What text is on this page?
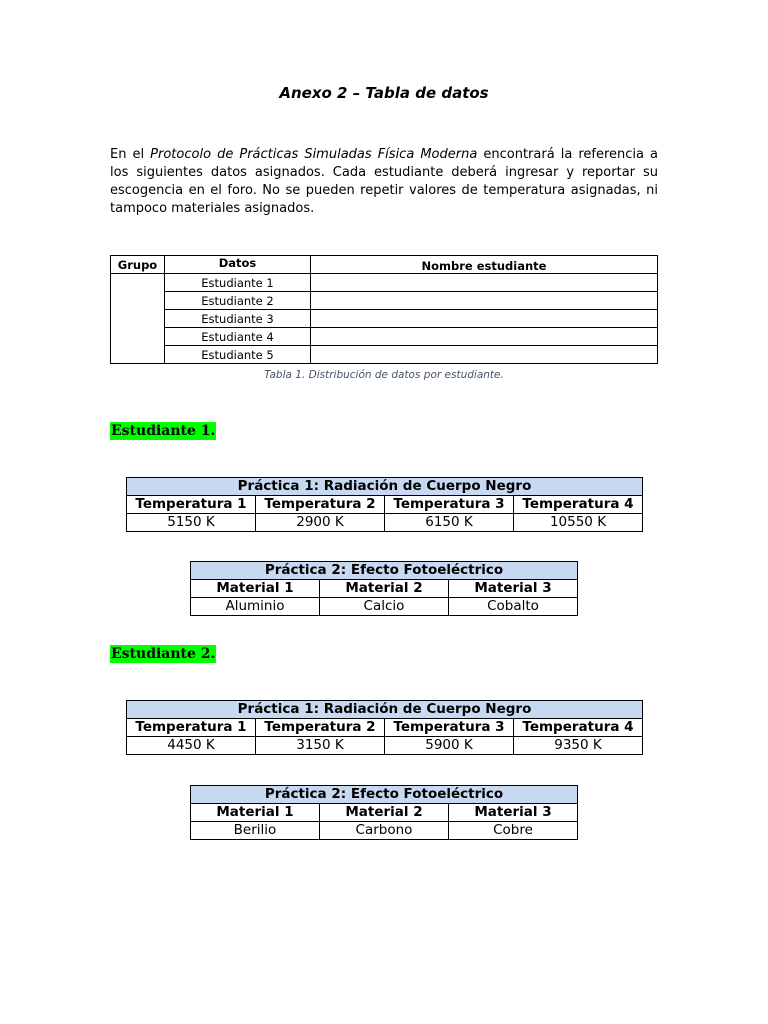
Anexo 2 – Tabla de datos

En el Protocolo de Prácticas Simuladas Física Moderna encontrará la referencia a los siguientes datos asignados. Cada estudiante deberá ingresar y reportar su escogencia en el foro. No se pueden repetir valores de temperatura asignadas, ni tampoco materiales asignados.

Grupo	Datos	Nombre estudiante
	Estudiante 1	
	Estudiante 2	
	Estudiante 3	
	Estudiante 4	
	Estudiante 5	
Tabla 1. Distribución de datos por estudiante.
Estudiante 1.
Práctica 1: Radiación de Cuerpo Negro			
Temperatura 1	Temperatura 2	Temperatura 3	Temperatura 4
5150 K	2900 K	6150 K	10550 K
Práctica 2: Efecto Fotoeléctrico		
Material 1	Material 2	Material 3
Aluminio	Calcio	Cobalto
Estudiante 2.
Práctica 1: Radiación de Cuerpo Negro			
Temperatura 1	Temperatura 2	Temperatura 3	Temperatura 4
4450 K	3150 K	5900 K	9350 K
Práctica 2: Efecto Fotoeléctrico		
Material 1	Material 2	Material 3
Berilio	Carbono	Cobre
